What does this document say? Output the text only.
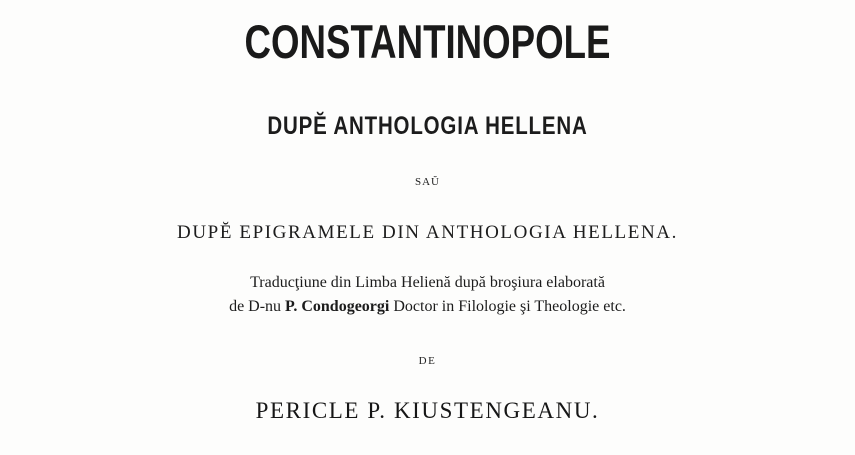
CONSTANTINOPOLE
DUPĔ ANTHOLOGIA HELLENA
SAŬ
DUPĔ EPIGRAMELE DIN ANTHOLOGIA HELLENA.
Traducţiune din Limba Helienă după broşiura elaborată
de D-nu P. Condogeorgi Doctor in Filologie şi Theologie etc.
DE
PERICLE P. KIUSTENGEANU.
